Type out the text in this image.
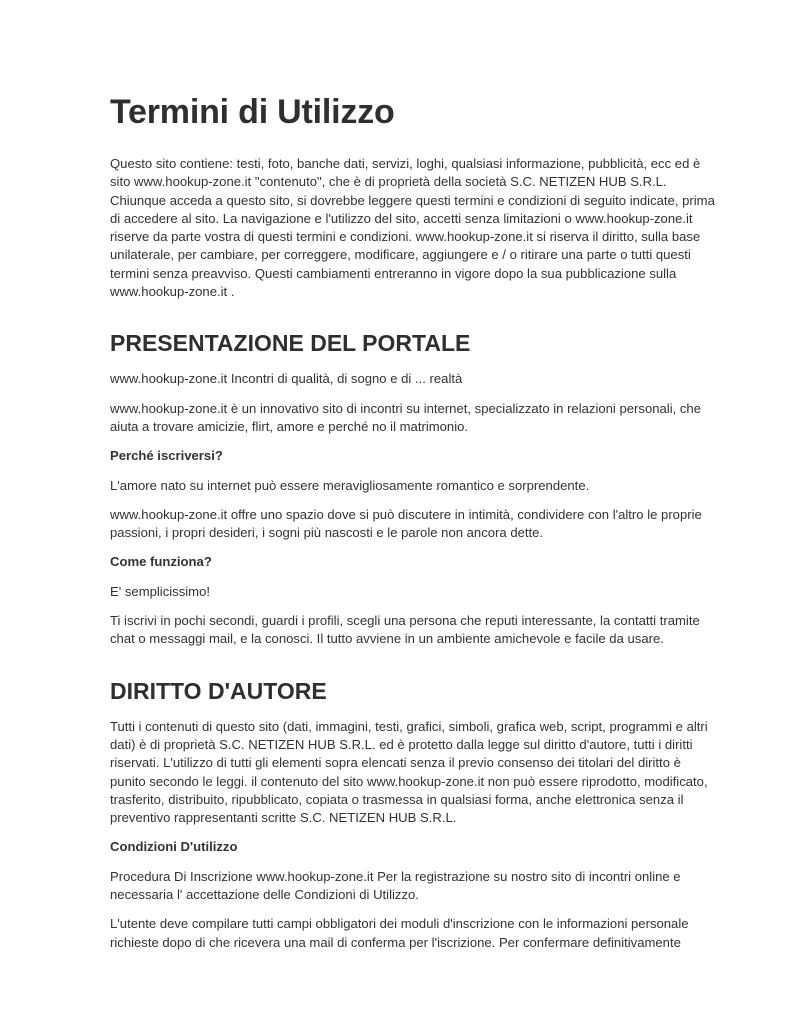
Termini di Utilizzo

Questo sito contiene: testi, foto, banche dati, servizi, loghi, qualsiasi informazione, pubblicità, ecc ed è sito www.hookup-zone.it "contenuto", che è di proprietà della società S.C. NETIZEN HUB S.R.L. Chiunque acceda a questo sito, si dovrebbe leggere questi termini e condizioni di seguito indicate, prima di accedere al sito. La navigazione e l'utilizzo del sito, accetti senza limitazioni o www.hookup-zone.it riserve da parte vostra di questi termini e condizioni. www.hookup-zone.it si riserva il diritto, sulla base unilaterale, per cambiare, per correggere, modificare, aggiungere e / o ritirare una parte o tutti questi termini senza preavviso. Questi cambiamenti entreranno in vigore dopo la sua pubblicazione sulla www.hookup-zone.it .

PRESENTAZIONE DEL PORTALE

www.hookup-zone.it Incontri di qualità, di sogno e di ... realtà

www.hookup-zone.it è un innovativo sito di incontri su internet, specializzato in relazioni personali, che aiuta a trovare amicizie, flirt, amore e perché no il matrimonio.

Perché iscriversi?

L'amore nato su internet può essere meravigliosamente romantico e sorprendente.

www.hookup-zone.it offre uno spazio dove si può discutere in intimità, condividere con l'altro le proprie passioni, i propri desideri, i sogni più nascosti e le parole non ancora dette.

Come funziona?

E' semplicissimo!

Ti iscrivi in pochi secondi, guardi i profili, scegli una persona che reputi interessante, la contatti tramite chat o messaggi mail, e la conosci. Il tutto avviene in un ambiente amichevole e facile da usare.

DIRITTO D'AUTORE

Tutti i contenuti di questo sito (dati, immagini, testi, grafici, simboli, grafica web, script, programmi e altri dati) è di proprietà S.C. NETIZEN HUB S.R.L. ed è protetto dalla legge sul diritto d'autore, tutti i diritti riservati. L'utilizzo di tutti gli elementi sopra elencati senza il previo consenso dei titolari del diritto è punito secondo le leggi. il contenuto del sito www.hookup-zone.it non può essere riprodotto, modificato, trasferito, distribuito, ripubblicato, copiata o trasmessa in qualsiasi forma, anche elettronica senza il preventivo rappresentanti scritte S.C. NETIZEN HUB S.R.L.

Condizioni D'utilizzo

Procedura Di Inscrizione www.hookup-zone.it Per la registrazione su nostro sito di incontri online e necessaria l' accettazione delle Condizioni di Utilizzo.

L'utente deve compilare tutti campi obbligatori dei moduli d'inscrizione con le informazioni personale richieste dopo di che ricevera una mail di conferma per l'iscrizione. Per confermare definitivamente
